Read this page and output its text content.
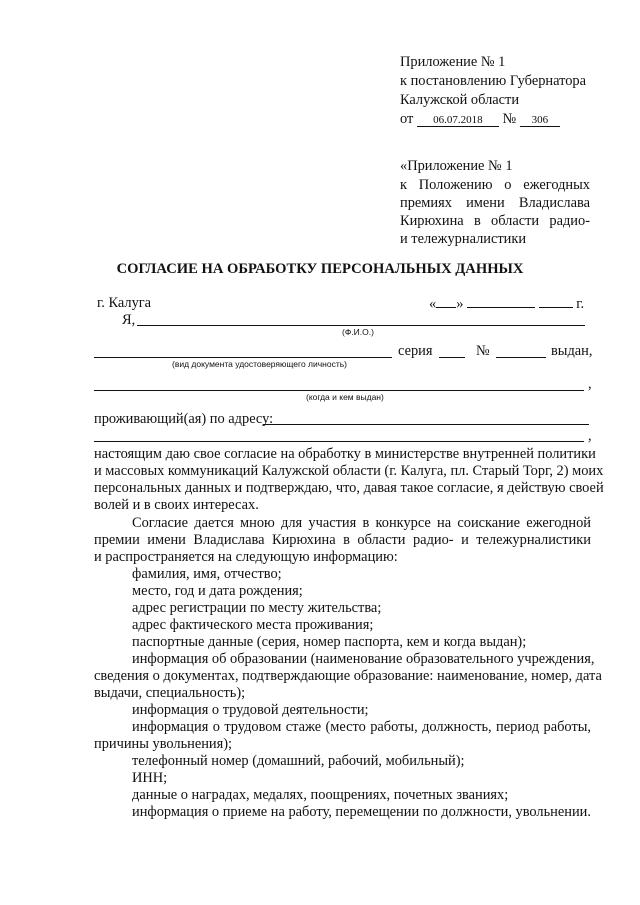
Приложение № 1
к постановлению Губернатора
Калужской области
от 06.07.2018 № 306
«Приложение № 1
к Положению о ежегодных
премиях имени Владислава
Кирюхина в области радио-
и тележурналистики
СОГЛАСИЕ НА ОБРАБОТКУ ПЕРСОНАЛЬНЫХ ДАННЫХ
г. Калуга	« »	г.
Я,
(Ф.И.О.)
серия	№	выдан,
(вид документа удостоверяющего личность)
,
(когда и кем выдан)
проживающий(ая) по адресу:
,
настоящим даю свое согласие на обработку в министерстве внутренней политики
и массовых коммуникаций Калужской области (г. Калуга, пл. Старый Торг, 2) моих
персональных данных и подтверждаю, что, давая такое согласие, я действую своей
волей и в своих интересах.
Согласие дается мною для участия в конкурсе на соискание ежегодной
премии имени Владислава Кирюхина в области радио- и тележурналистики
и распространяется на следующую информацию:
фамилия, имя, отчество;
место, год и дата рождения;
адрес регистрации по месту жительства;
адрес фактического места проживания;
паспортные данные (серия, номер паспорта, кем и когда выдан);
информация об образовании (наименование образовательного учреждения,
сведения о документах, подтверждающие образование: наименование, номер, дата
выдачи, специальность);
информация о трудовой деятельности;
информация о трудовом стаже (место работы, должность, период работы,
причины увольнения);
телефонный номер (домашний, рабочий, мобильный);
ИНН;
данные о наградах, медалях, поощрениях, почетных званиях;
информация о приеме на работу, перемещении по должности, увольнении.
